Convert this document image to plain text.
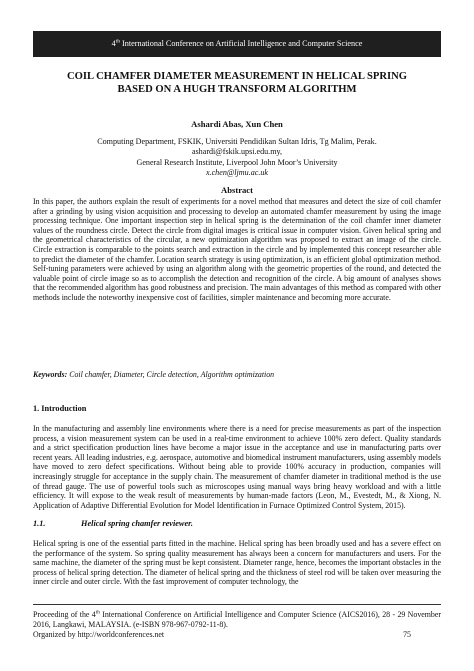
4th International Conference on Artificial Intelligence and Computer Science
COIL CHAMFER DIAMETER MEASUREMENT IN HELICAL SPRING BASED ON A HUGH TRANSFORM ALGORITHM
Ashardi Abas, Xun Chen
Computing Department, FSKIK, Universiti Pendidikan Sultan Idris, Tg Malim, Perak.
ashardi@fskik.upsi.edu.my,
General Research Institute, Liverpool John Moor’s University
x.chen@ljmu.ac.uk
Abstract
In this paper, the authors explain the result of experiments for a novel method that measures and detect the size of coil chamfer after a grinding by using vision acquisition and processing to develop an automated chamfer measurement by using the image processing technique. One important inspection step in helical spring is the determination of the coil chamfer inner diameter values of the roundness circle. Detect the circle from digital images is critical issue in computer vision. Given helical spring and the geometrical characteristics of the circular, a new optimization algorithm was proposed to extract an image of the circle. Circle extraction is comparable to the points search and extraction in the circle and by implemented this concept researcher able to predict the diameter of the chamfer. Location search strategy is using optimization, is an efficient global optimization method. Self-tuning parameters were achieved by using an algorithm along with the geometric properties of the round, and detected the valuable point of circle image so as to accomplish the detection and recognition of the circle. A big amount of analyses shows that the recommended algorithm has good robustness and precision. The main advantages of this method as compared with other methods include the noteworthy inexpensive cost of facilities, simpler maintenance and becoming more accurate.
Keywords: Coil chamfer, Diameter, Circle detection, Algorithm optimization
1. Introduction
In the manufacturing and assembly line environments where there is a need for precise measurements as part of the inspection process, a vision measurement system can be used in a real-time environment to achieve 100% zero defect. Quality standards and a strict specification production lines have become a major issue in the acceptance and use in manufacturing parts over recent years. All leading industries, e.g. aerospace, automotive and biomedical instrument manufacturers, using assembly models have moved to zero defect specifications. Without being able to provide 100% accuracy in production, companies will increasingly struggle for acceptance in the supply chain. The measurement of chamfer diameter in traditional method is the use of thread gauge. The use of powerful tools such as microscopes using manual ways bring heavy workload and with a little efficiency. It will expose to the weak result of measurements by human-made factors (Leon, M., Evestedt, M., & Xiong, N. Application of Adaptive Differential Evolution for Model Identification in Furnace Optimized Control System, 2015).
1.1.	Helical spring chamfer reviewer.
Helical spring is one of the essential parts fitted in the machine. Helical spring has been broadly used and has a severe effect on the performance of the system. So spring quality measurement has always been a concern for manufacturers and users. For the same machine, the diameter of the spring must be kept consistent. Diameter range, hence, becomes the important obstacles in the process of helical spring detection. The diameter of helical spring and the thickness of steel rod will be taken over measuring the inner circle and outer circle. With the fast improvement of computer technology, the
Proceeding of the 4th International Conference on Artificial Intelligence and Computer Science (AICS2016), 28 - 29 November 2016, Langkawi, MALAYSIA. (e-ISBN 978-967-0792-11-8).
Organized by http://worldconferences.net	75
